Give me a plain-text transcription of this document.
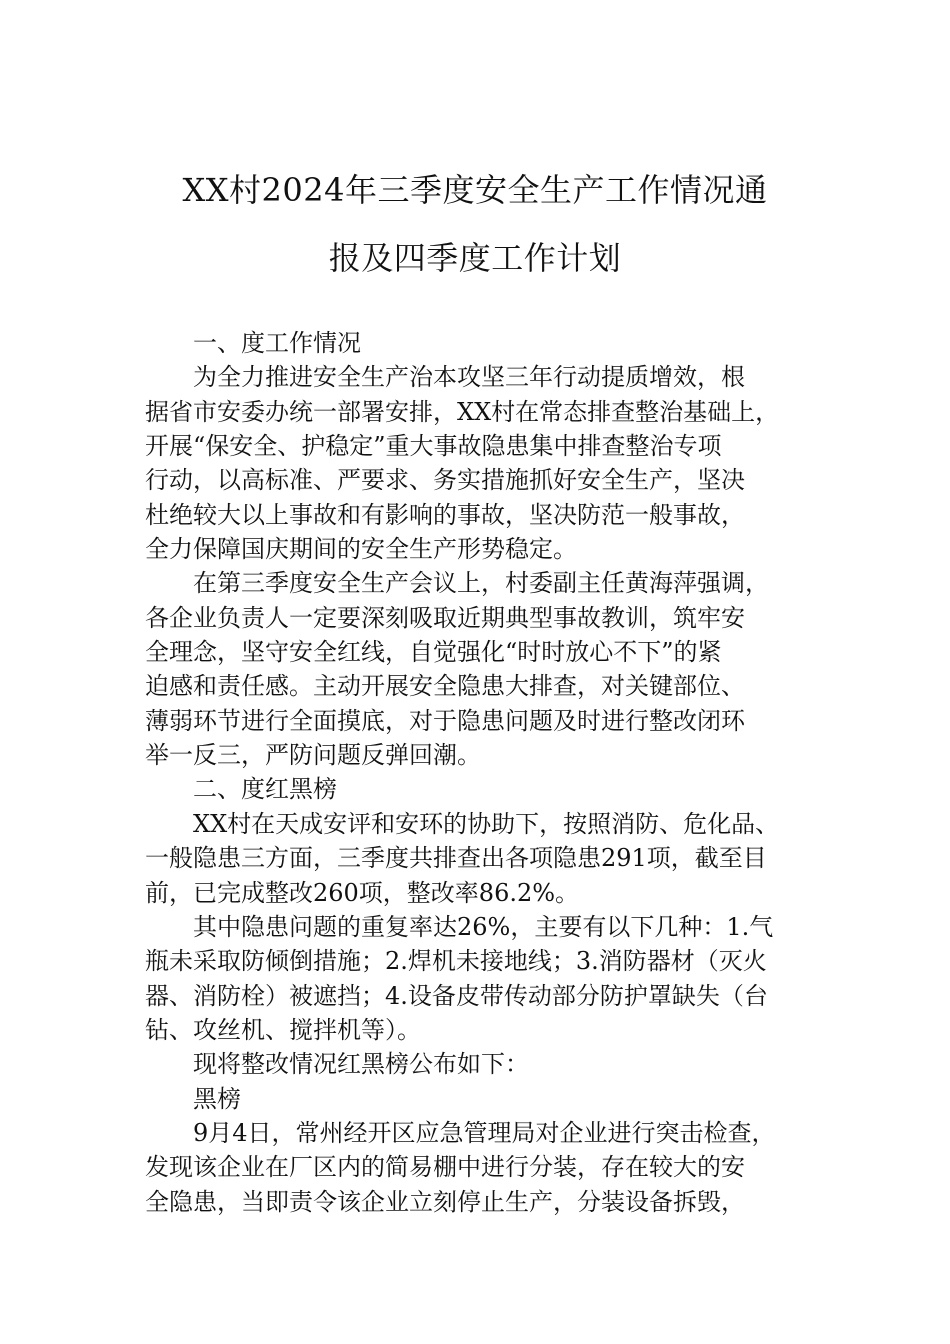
XX村2024年三季度安全生产工作情况通
报及四季度工作计划
一、度工作情况
为全力推进安全生产治本攻坚三年行动提质增效，根
据省市安委办统一部署安排，XX村在常态排查整治基础上，
开展“保安全、护稳定”重大事故隐患集中排查整治专项
行动，以高标准、严要求、务实措施抓好安全生产，坚决
杜绝较大以上事故和有影响的事故，坚决防范一般事故，
全力保障国庆期间的安全生产形势稳定。
在第三季度安全生产会议上，村委副主任黄海萍强调，
各企业负责人一定要深刻吸取近期典型事故教训，筑牢安
全理念，坚守安全红线，自觉强化“时时放心不下”的紧
迫感和责任感。主动开展安全隐患大排查，对关键部位、
薄弱环节进行全面摸底，对于隐患问题及时进行整改闭环
举一反三，严防问题反弹回潮。
二、度红黑榜
XX村在天成安评和安环的协助下，按照消防、危化品、
一般隐患三方面，三季度共排查出各项隐患291项，截至目
前，已完成整改260项，整改率86.2%。
其中隐患问题的重复率达26%，主要有以下几种：1.气
瓶未采取防倾倒措施；2.焊机未接地线；3.消防器材（灭火
器、消防栓）被遮挡；4.设备皮带传动部分防护罩缺失（台
钻、攻丝机、搅拌机等）。
现将整改情况红黑榜公布如下：
黑榜
9月4日，常州经开区应急管理局对企业进行突击检查，
发现该企业在厂区内的简易棚中进行分装，存在较大的安
全隐患，当即责令该企业立刻停止生产，分装设备拆毁，
